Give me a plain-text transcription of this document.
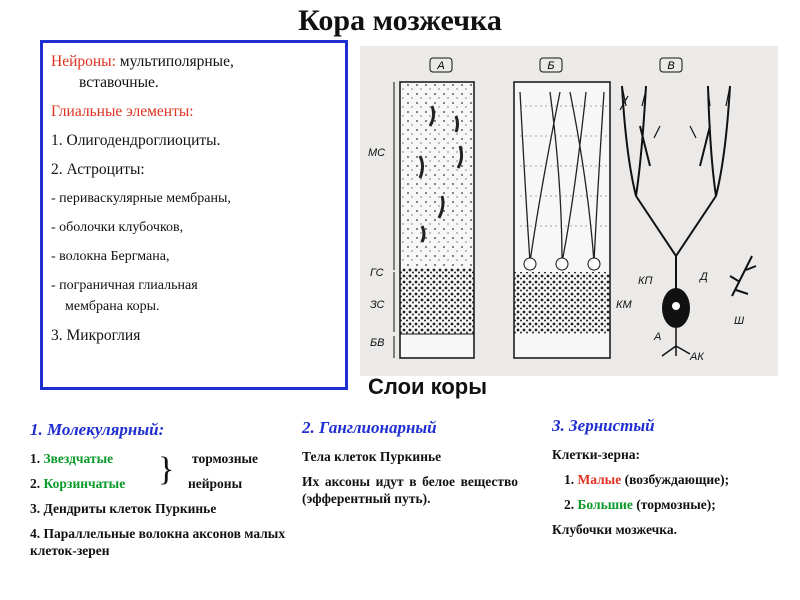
Кора мозжечка

Нейроны: мультиполярные,

вставочные.

Глиальные элементы:

1. Олигодендроглиоциты.

2. Астроциты:

- периваскулярные мембраны,

- оболочки клубочков,

- волокна Бергмана,

- пограничная глиальная

мембрана коры.

3. Микроглия

А	Б	В
МС
ГС
ЗС
БВ
КМ
КП	Д
Ш
А
АК
Слои коры
1. Молекулярный:

1. Звездчатые	тормозные

}
2. Корзинчатые	нейроны

3. Дендриты клеток Пуркинье

4. Параллельные волокна аксонов малых клеток-зерен

2. Ганглионарный

Тела клеток Пуркинье

Их аксоны идут в белое вещество (эфферентный путь).

3. Зернистый

Клетки-зерна:

1. Малые (возбуждающие);

2. Большие (тормозные);

Клубочки мозжечка.
